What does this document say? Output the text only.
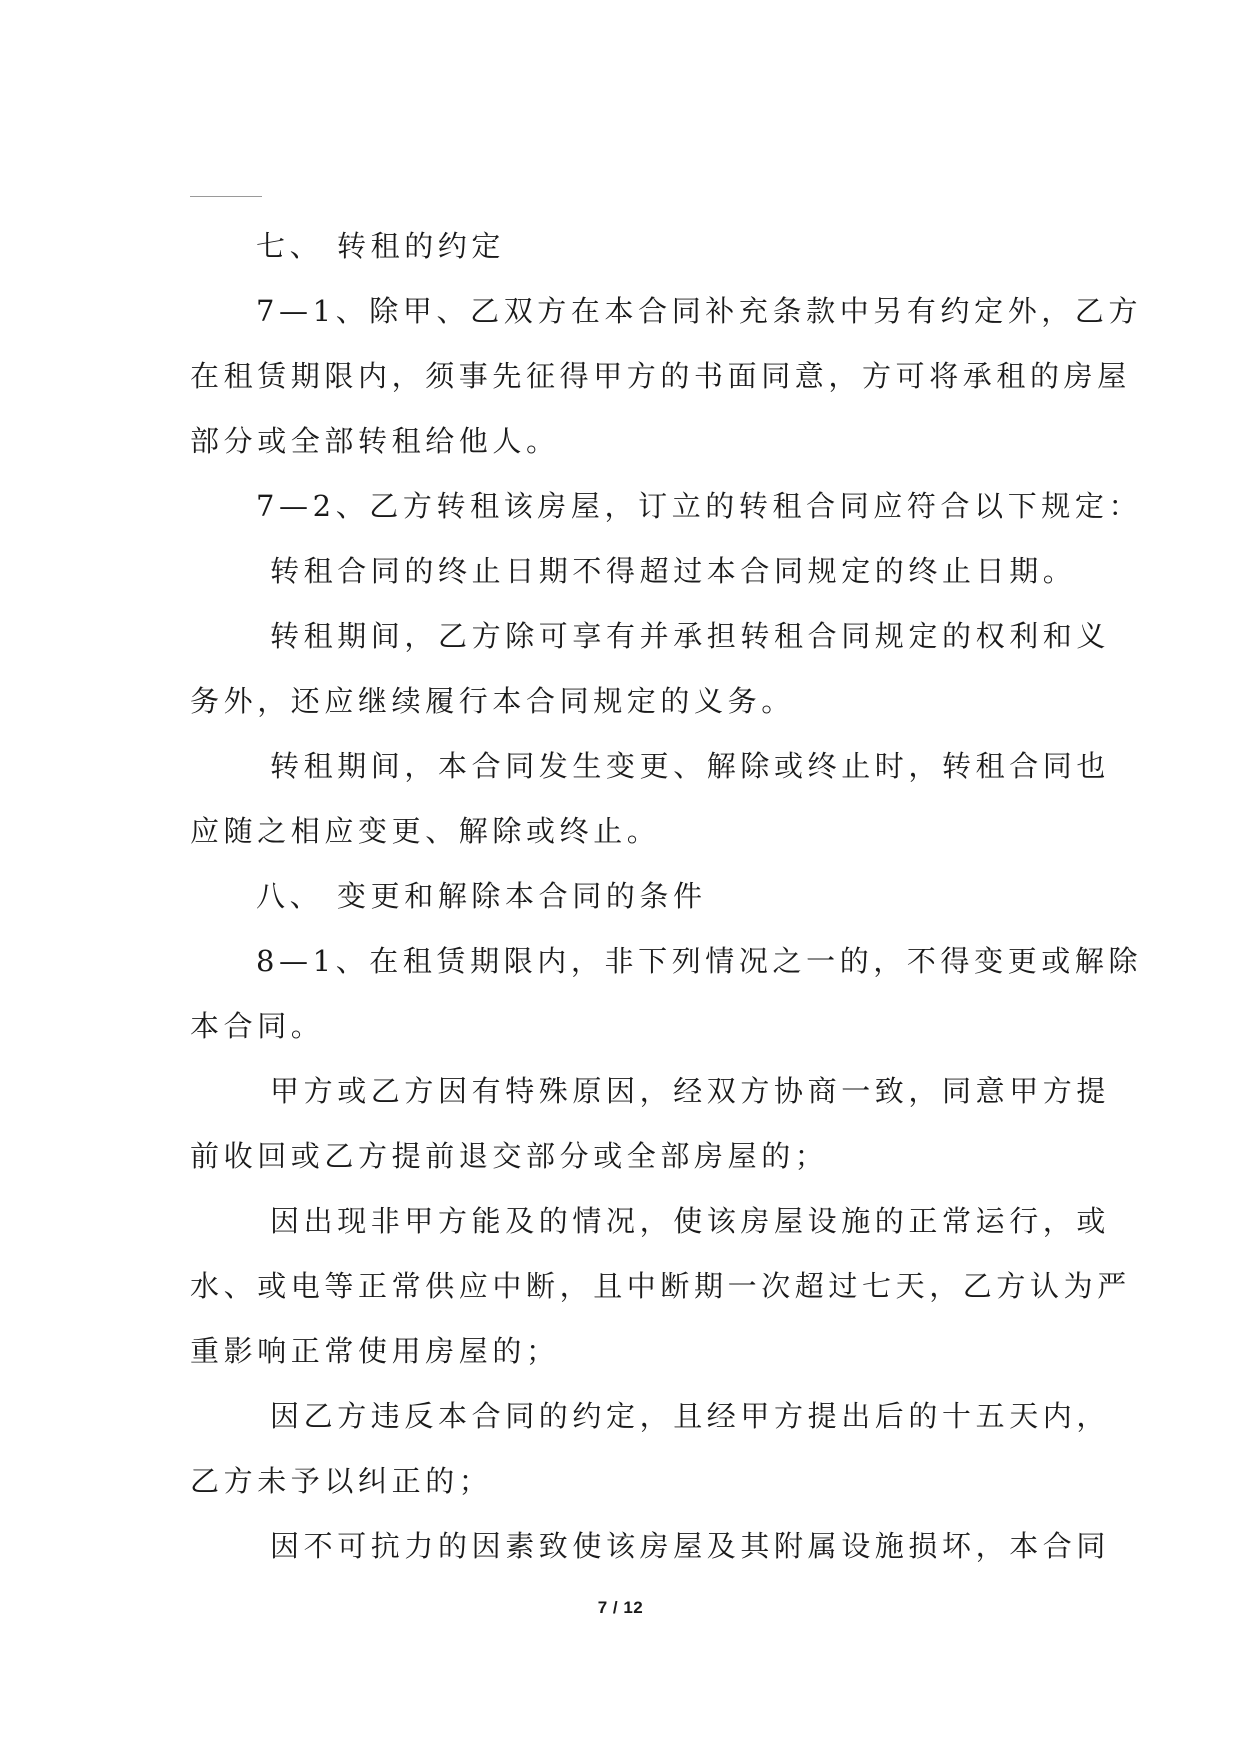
七、 转租的约定
7—1、除甲、乙双方在本合同补充条款中另有约定外，乙方
在租赁期限内，须事先征得甲方的书面同意，方可将承租的房屋
部分或全部转租给他人。
7—2、乙方转租该房屋，订立的转租合同应符合以下规定：
转租合同的终止日期不得超过本合同规定的终止日期。
转租期间，乙方除可享有并承担转租合同规定的权利和义
务外，还应继续履行本合同规定的义务。
转租期间，本合同发生变更、解除或终止时，转租合同也
应随之相应变更、解除或终止。
八、 变更和解除本合同的条件
8—1、在租赁期限内，非下列情况之一的，不得变更或解除
本合同。
甲方或乙方因有特殊原因，经双方协商一致，同意甲方提
前收回或乙方提前退交部分或全部房屋的；
因出现非甲方能及的情况，使该房屋设施的正常运行，或
水、或电等正常供应中断，且中断期一次超过七天，乙方认为严
重影响正常使用房屋的；
因乙方违反本合同的约定，且经甲方提出后的十五天内，
乙方未予以纠正的；
因不可抗力的因素致使该房屋及其附属设施损坏，本合同
7 / 12
